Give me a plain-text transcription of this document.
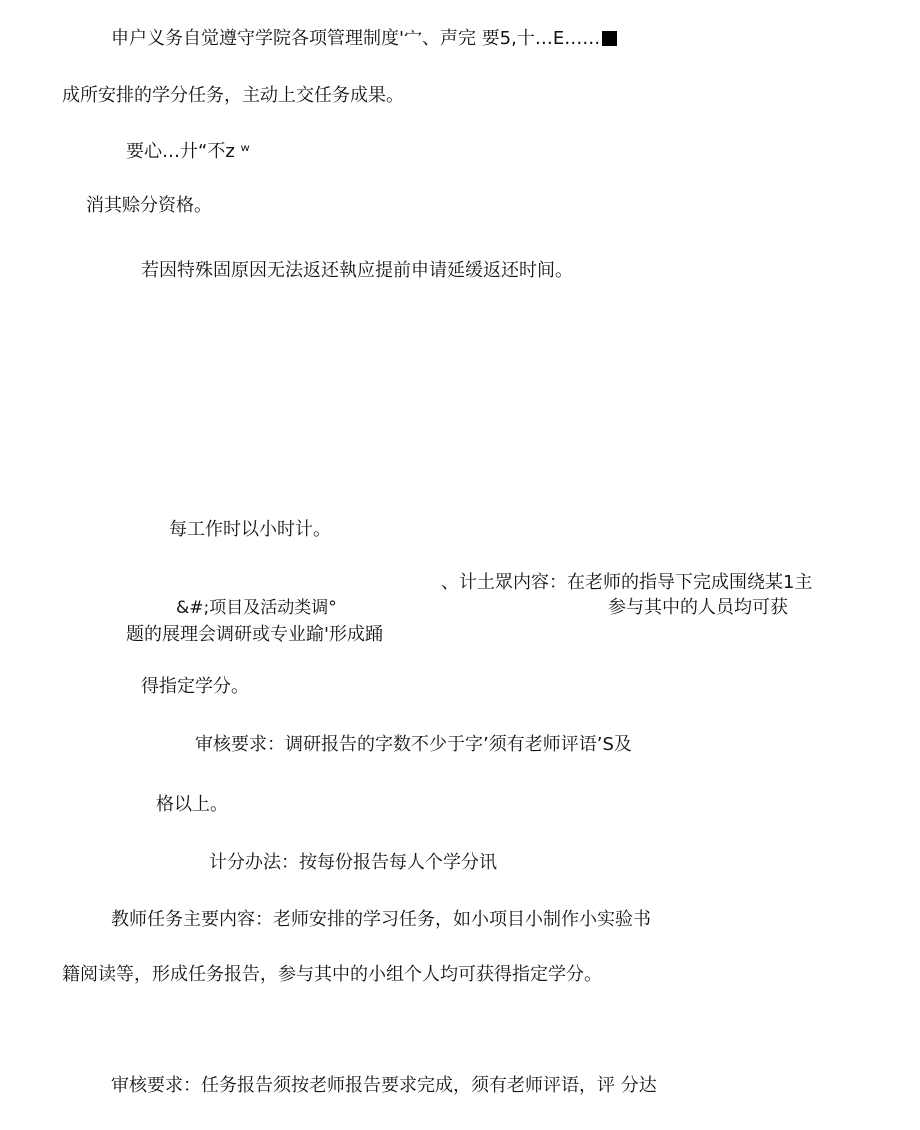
申户义务自觉遵守学院各项管理制度'宀、声完 要5,十…E……
成所安排的学分任务，主动上交任务成果。
要心…廾“不z ʷ
消其赊分资格。
若因特殊固原因无法返还執应提前申请延缓返还时间。
每工作时以小时计。
、计土眾内容：在老师的指导下完成围绕某1主
&#;项目及活动类调°	参与其中的人员均可获
题的展理会调研或专业踰'形成踊
得指定学分。
审核要求：调研报告的字数不少于字’须有老师评语’S及
格以上。
计分办法：按每份报告每人个学分讯
教师任务主要内容：老师安排的学习任务，如小项目小制作小实验书
籍阅读等，形成任务报告，参与其中的小组个人均可获得指定学分。
审核要求：任务报告须按老师报告要求完成，须有老师评语，评 分达
